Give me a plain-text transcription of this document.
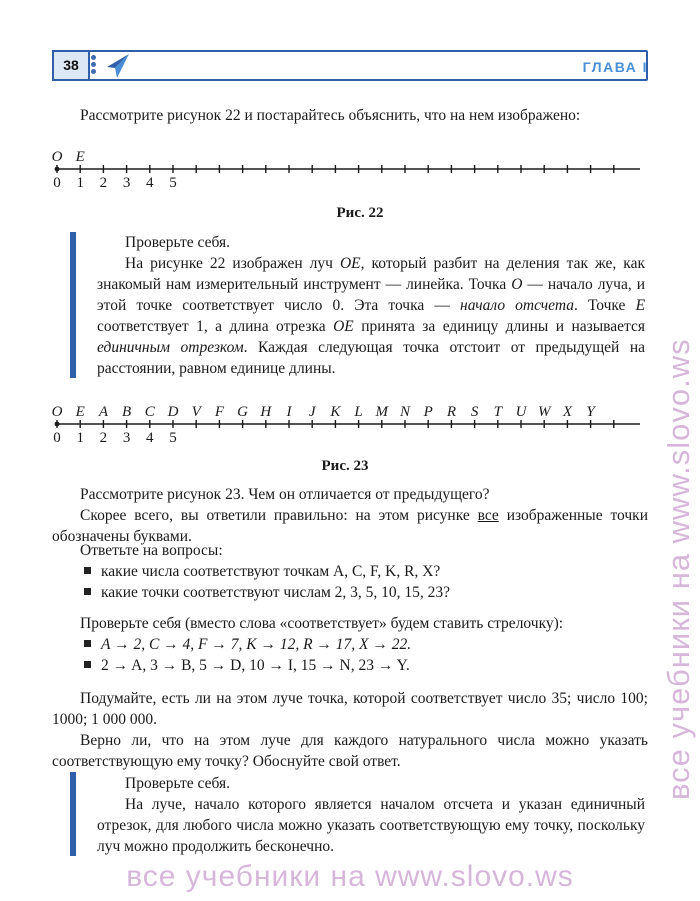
38	ГЛАВА I

Рассмотрите рисунок 22 и постарайтесь объяснить, что на нем изображено:

O E
0 1 2 3 4 5
Рис. 22
Проверьте себя.

На рисунке 22 изображен луч OE, который разбит на деления так же, как знакомый нам измерительный инструмент — линейка. Точка O — начало луча, и этой точке соответствует число 0. Эта точка — начало отсчета. Точке E соответствует 1, а длина отрезка OE принята за единицу длины и называется единичным отрезком. Каждая следующая точка отстоит от предыдущей на расстоянии, равном единице длины.

O E A B C D V F G H I J K L M N P R S T U W X Y
0 1 2 3 4 5
Рис. 23

Рассмотрите рисунок 23. Чем он отличается от предыдущего?

Скорее всего, вы ответили правильно: на этом рисунке все изображенные точки обозначены буквами.

Ответьте на вопросы:

какие числа соответствуют точкам A, C, F, K, R, X?

какие точки соответствуют числам 2, 3, 5, 10, 15, 23?

Проверьте себя (вместо слова «соответствует» будем ставить стрелочку):

A → 2, C → 4, F → 7, K → 12, R → 17, X → 22.

2 → A, 3 → B, 5 → D, 10 → I, 15 → N, 23 → Y.

Подумайте, есть ли на этом луче точка, которой соответствует число 35; число 100; 1000; 1 000 000.

Верно ли, что на этом луче для каждого натурального числа можно указать соответствующую ему точку? Обоснуйте свой ответ.

Проверьте себя.

На луче, начало которого является началом отсчета и указан единичный отрезок, для любого числа можно указать соответствующую ему точку, поскольку луч можно продолжить бесконечно.

все учебники на www.slovo.ws
все учебники на www.slovo.ws
